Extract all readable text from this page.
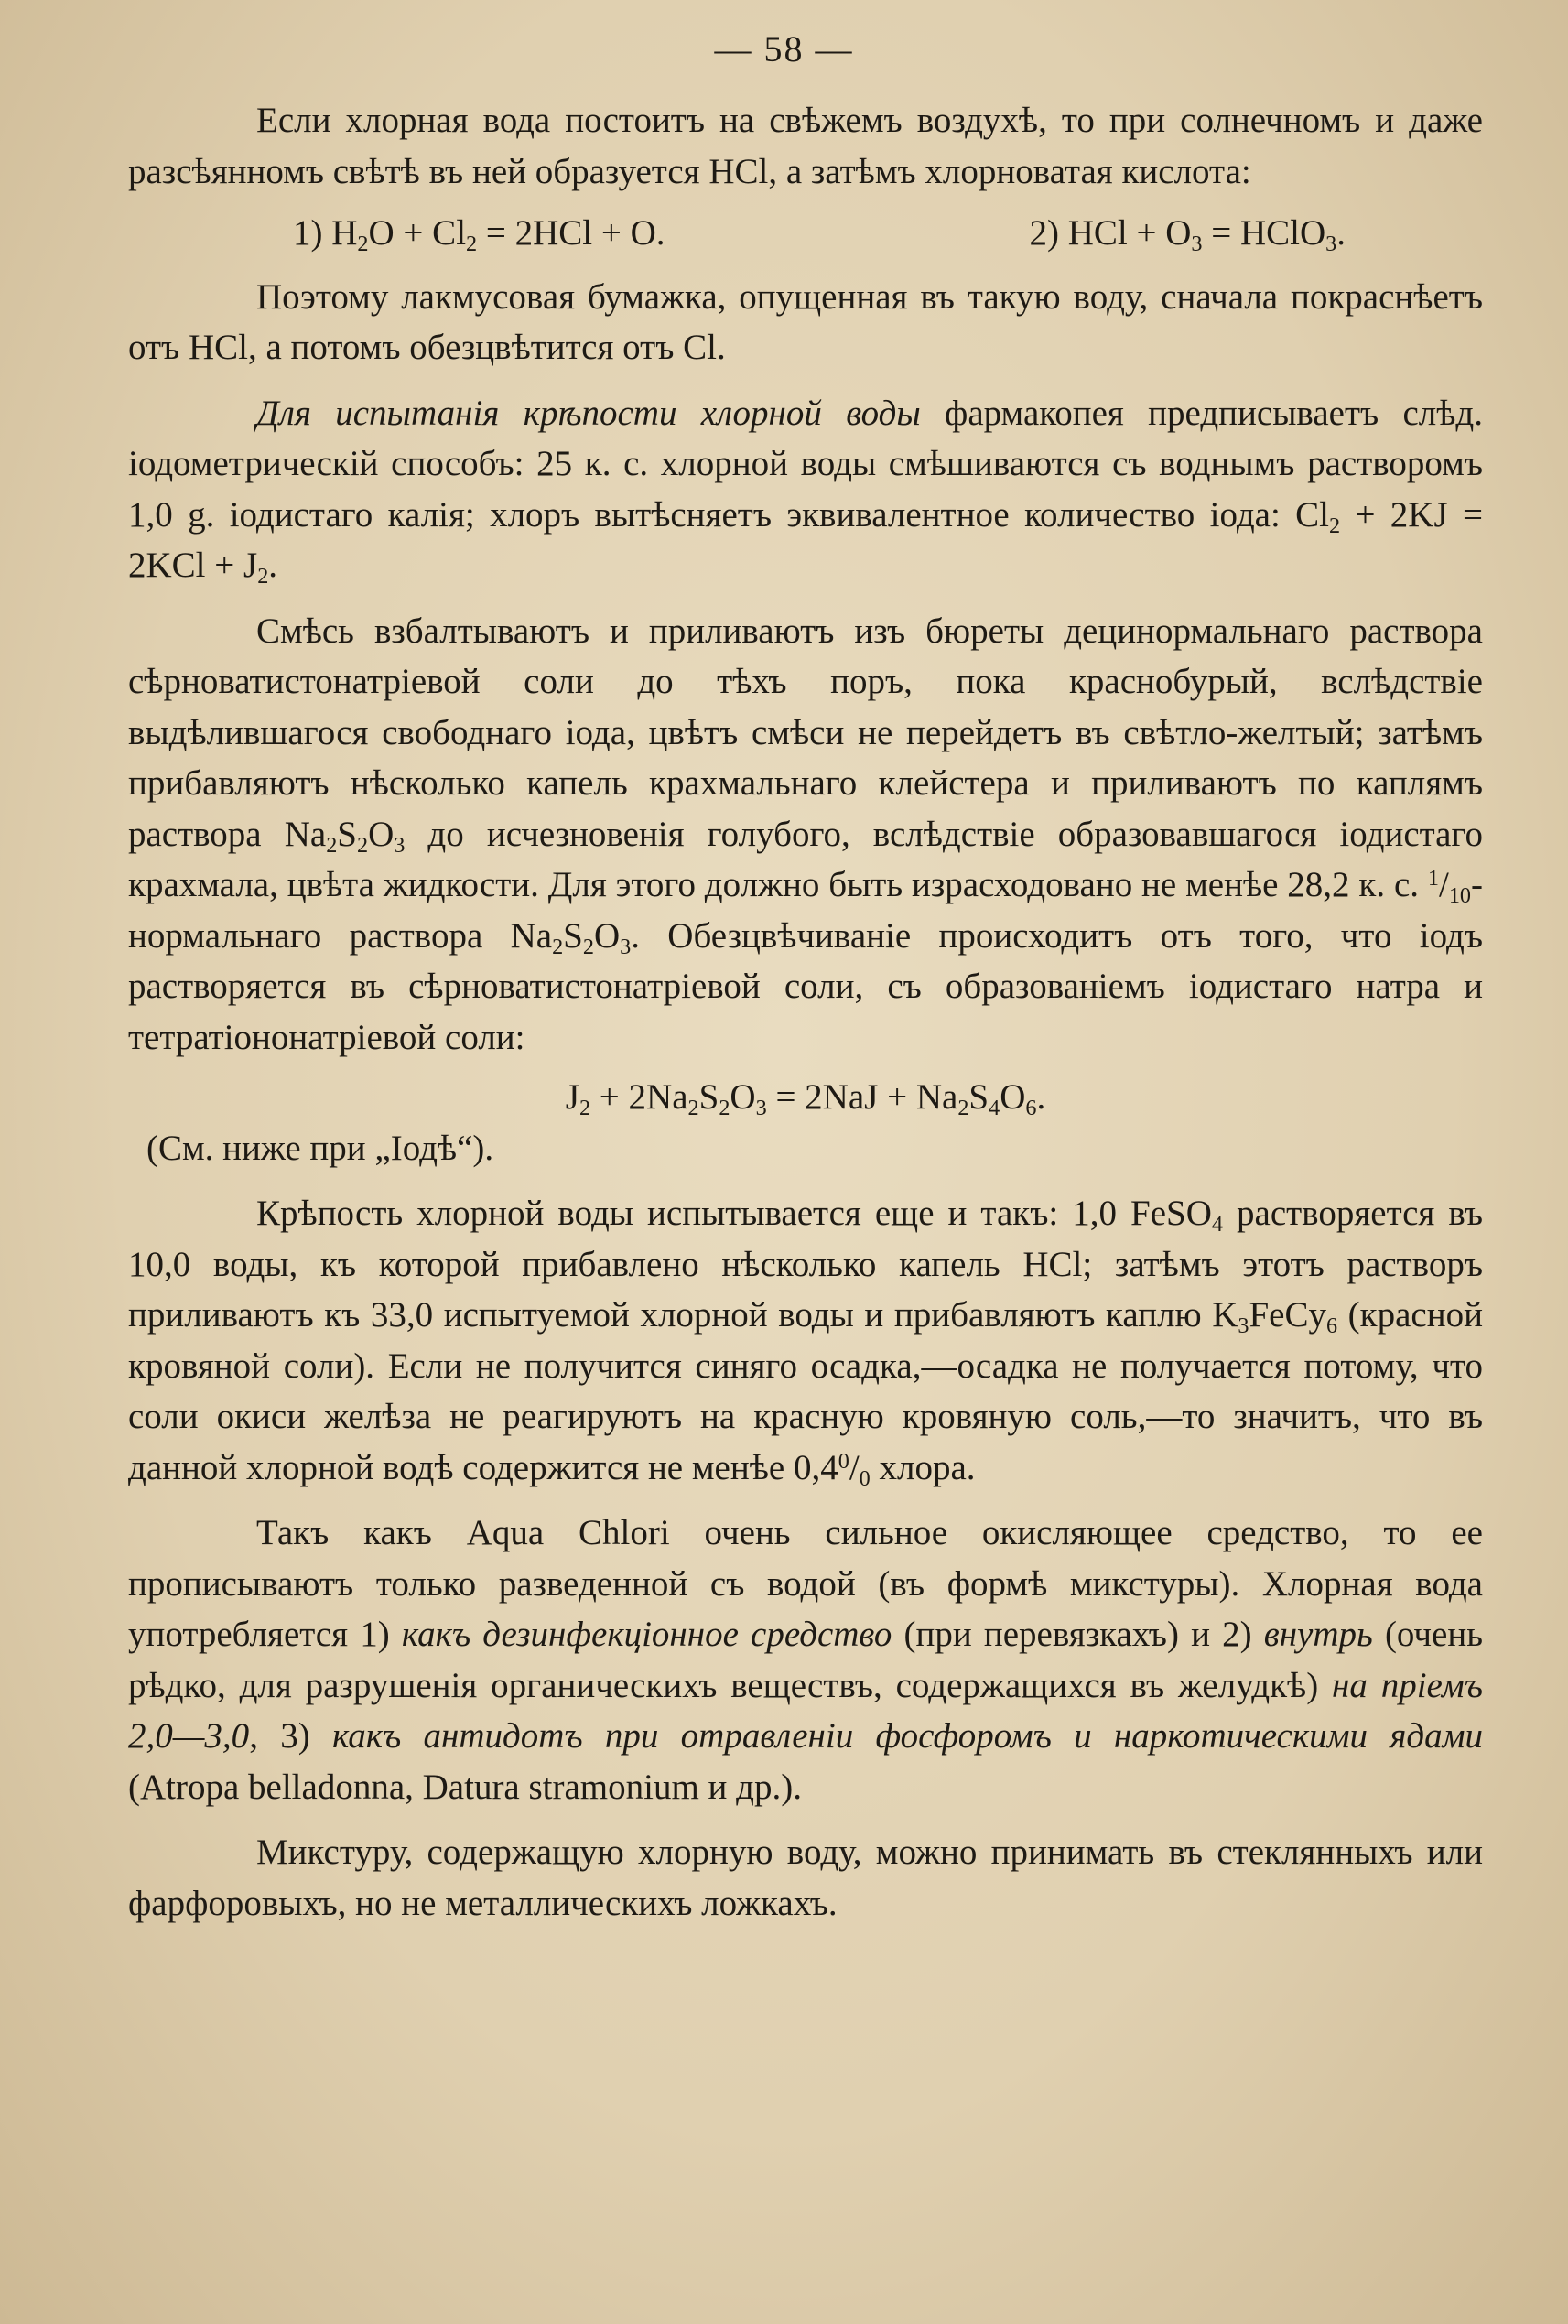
— 58 —

Если хлорная вода постоитъ на свѣжемъ воздухѣ, то при солнечномъ и даже разсѣянномъ свѣтѣ въ ней образуется HCl, а затѣмъ хлорноватая кислота:

1) $H_2O + Cl_2 = 2HCl + O$.	2) HCl + $O_3$ = HClO$_3$.

Поэтому лакмусовая бумажка, опущенная въ такую воду, сначала покраснѣетъ отъ HCl, а потомъ обезцвѣтится отъ Cl.

Для испытанія крѣпости хлорной воды фармакопея предписываетъ слѣд. іодометрическій способъ: 25 к. с. хлорной воды смѣшиваются съ воднымъ растворомъ 1,0 g. іодистаго калія; хлоръ вытѣсняетъ эквивалентное количество іода: $Cl_2 + 2KJ = 2KCl + J_2$.

Смѣсь взбалтываютъ и приливаютъ изъ бюреты децинормальнаго раствора сѣрноватистонатріевой соли до тѣхъ поръ, пока краснобурый, вслѣдствіе выдѣлившагося свободнаго іода, цвѣтъ смѣси не перейдетъ въ свѣтло-желтый; затѣмъ прибавляютъ нѣсколько капель крахмальнаго клейстера и приливаютъ по каплямъ раствора $Na_2S_2O_3$ до исчезновенія голубого, вслѣдствіе образовавшагося іодистаго крахмала, цвѣта жидкости. Для этого должно быть израсходовано не менѣе 28,2 к. с. $^1/_{10}$-нормальнаго раствора $Na_2S_2O_3$. Обезцвѣчиваніе происходитъ отъ того, что іодъ растворяется въ сѣрноватистонатріевой соли, съ образованіемъ іодистаго натра и тетратіононатріевой соли:

$J_2 + 2Na_2S_2O_3 = 2NaJ + Na_2S_4O_6$.

(См. ниже при „Іодѣ“).

Крѣпость хлорной воды испытывается еще и такъ: 1,0 FeSO$_4$ растворяется въ 10,0 воды, къ которой прибавлено нѣсколько капель HCl; затѣмъ этотъ растворъ приливаютъ къ 33,0 испытуемой хлорной воды и прибавляютъ каплю $K_3FeCy_6$ (красной кровяной соли). Если не получится синяго осадка,—осадка не получается потому, что соли окиси желѣза не реагируютъ на красную кровяную соль,—то значитъ, что въ данной хлорной водѣ содержится не менѣе $0,4^0/_0$ хлора.

Такъ какъ Aqua Chlori очень сильное окисляющее средство, то ее прописываютъ только разведенной съ водой (въ формѣ микстуры). Хлорная вода употребляется 1) какъ дезинфекціонное средство (при перевязкахъ) и 2) внутрь (очень рѣдко, для разрушенія органическихъ веществъ, содержащихся въ желудкѣ) на пріемъ 2,0—3,0, 3) какъ антидотъ при отравленіи фосфоромъ и наркотическими ядами (Atropa belladonna, Datura stramonium и др.).

Микстуру, содержащую хлорную воду, можно принимать въ стеклянныхъ или фарфоровыхъ, но не металлическихъ ложкахъ.
